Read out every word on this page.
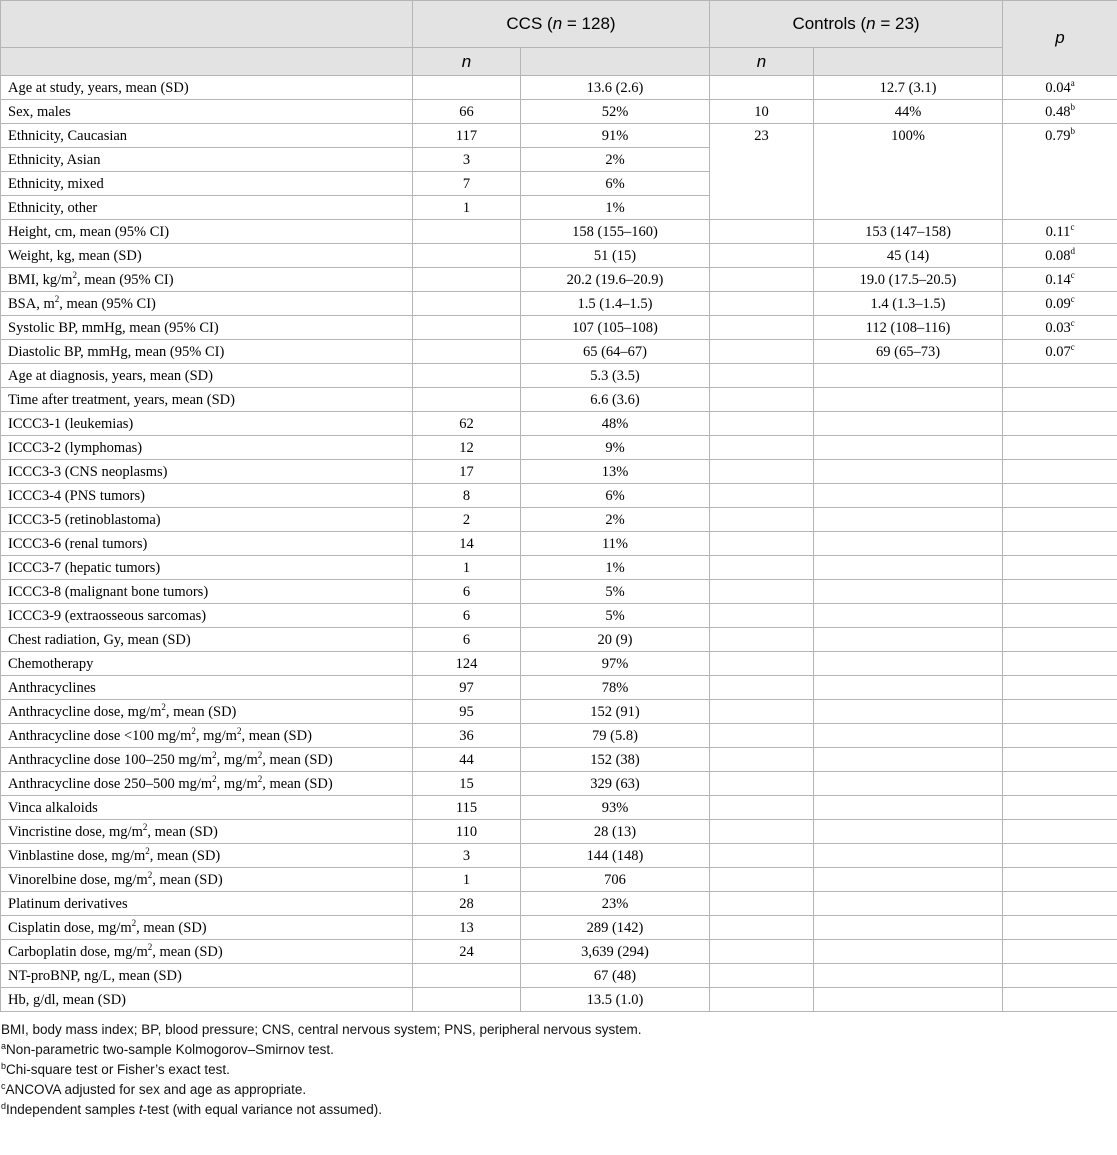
	CCS (n = 128)		Controls (n = 23)		p
	n		n		
Age at study, years, mean (SD)		13.6 (2.6)		12.7 (3.1)	0.04$^a$
Sex, males	66	52%	10	44%	0.48$^b$
Ethnicity, Caucasian	117	91%	23	100%	0.79$^b$
Ethnicity, Asian	3	2%			
Ethnicity, mixed	7	6%			
Ethnicity, other	1	1%			
Height, cm, mean (95% CI)		158 (155–160)		153 (147–158)	0.11$^c$
Weight, kg, mean (SD)		51 (15)		45 (14)	0.08$^d$
BMI, $kg/m^2$, mean (95% CI)		20.2 (19.6–20.9)		19.0 (17.5–20.5)	0.14$^c$
BSA, $m^2$, mean (95% CI)		1.5 (1.4–1.5)		1.4 (1.3–1.5)	0.09$^c$
Systolic BP, mmHg, mean (95% CI)		107 (105–108)		112 (108–116)	0.03$^c$
Diastolic BP, mmHg, mean (95% CI)		65 (64–67)		69 (65–73)	0.07$^c$
Age at diagnosis, years, mean (SD)		5.3 (3.5)			
Time after treatment, years, mean (SD)		6.6 (3.6)			
ICCC3-1 (leukemias)	62	48%			
ICCC3-2 (lymphomas)	12	9%			
ICCC3-3 (CNS neoplasms)	17	13%			
ICCC3-4 (PNS tumors)	8	6%			
ICCC3-5 (retinoblastoma)	2	2%			
ICCC3-6 (renal tumors)	14	11%			
ICCC3-7 (hepatic tumors)	1	1%			
ICCC3-8 (malignant bone tumors)	6	5%			
ICCC3-9 (extraosseous sarcomas)	6	5%			
Chest radiation, Gy, mean (SD)	6	20 (9)			
Chemotherapy	124	97%			
Anthracyclines	97	78%			
Anthracycline dose, $mg/m^2$, mean (SD)	95	152 (91)			
Anthracycline dose <100 $mg/m^2$, $mg/m^2$, mean (SD)	36	79 (5.8)			
Anthracycline dose 100–250 $mg/m^2$, $mg/m^2$, mean (SD)	44	152 (38)			
Anthracycline dose 250–500 $mg/m^2$, $mg/m^2$, mean (SD)	15	329 (63)			
Vinca alkaloids	115	93%			
Vincristine dose, $mg/m^2$, mean (SD)	110	28 (13)			
Vinblastine dose, $mg/m^2$, mean (SD)	3	144 (148)			
Vinorelbine dose, $mg/m^2$, mean (SD)	1	706			
Platinum derivatives	28	23%			
Cisplatin dose, $mg/m^2$, mean (SD)	13	289 (142)			
Carboplatin dose, $mg/m^2$, mean (SD)	24	3,639 (294)			
NT-proBNP, ng/L, mean (SD)		67 (48)			
Hb, g/dl, mean (SD)		13.5 (1.0)			
BMI, body mass index; BP, blood pressure; CNS, central nervous system; PNS, peripheral nervous system.
$^a$Non-parametric two-sample Kolmogorov–Smirnov test.
$^b$Chi-square test or Fisher’s exact test.
$^c$ANCOVA adjusted for sex and age as appropriate.
$^d$Independent samples t-test (with equal variance not assumed).
